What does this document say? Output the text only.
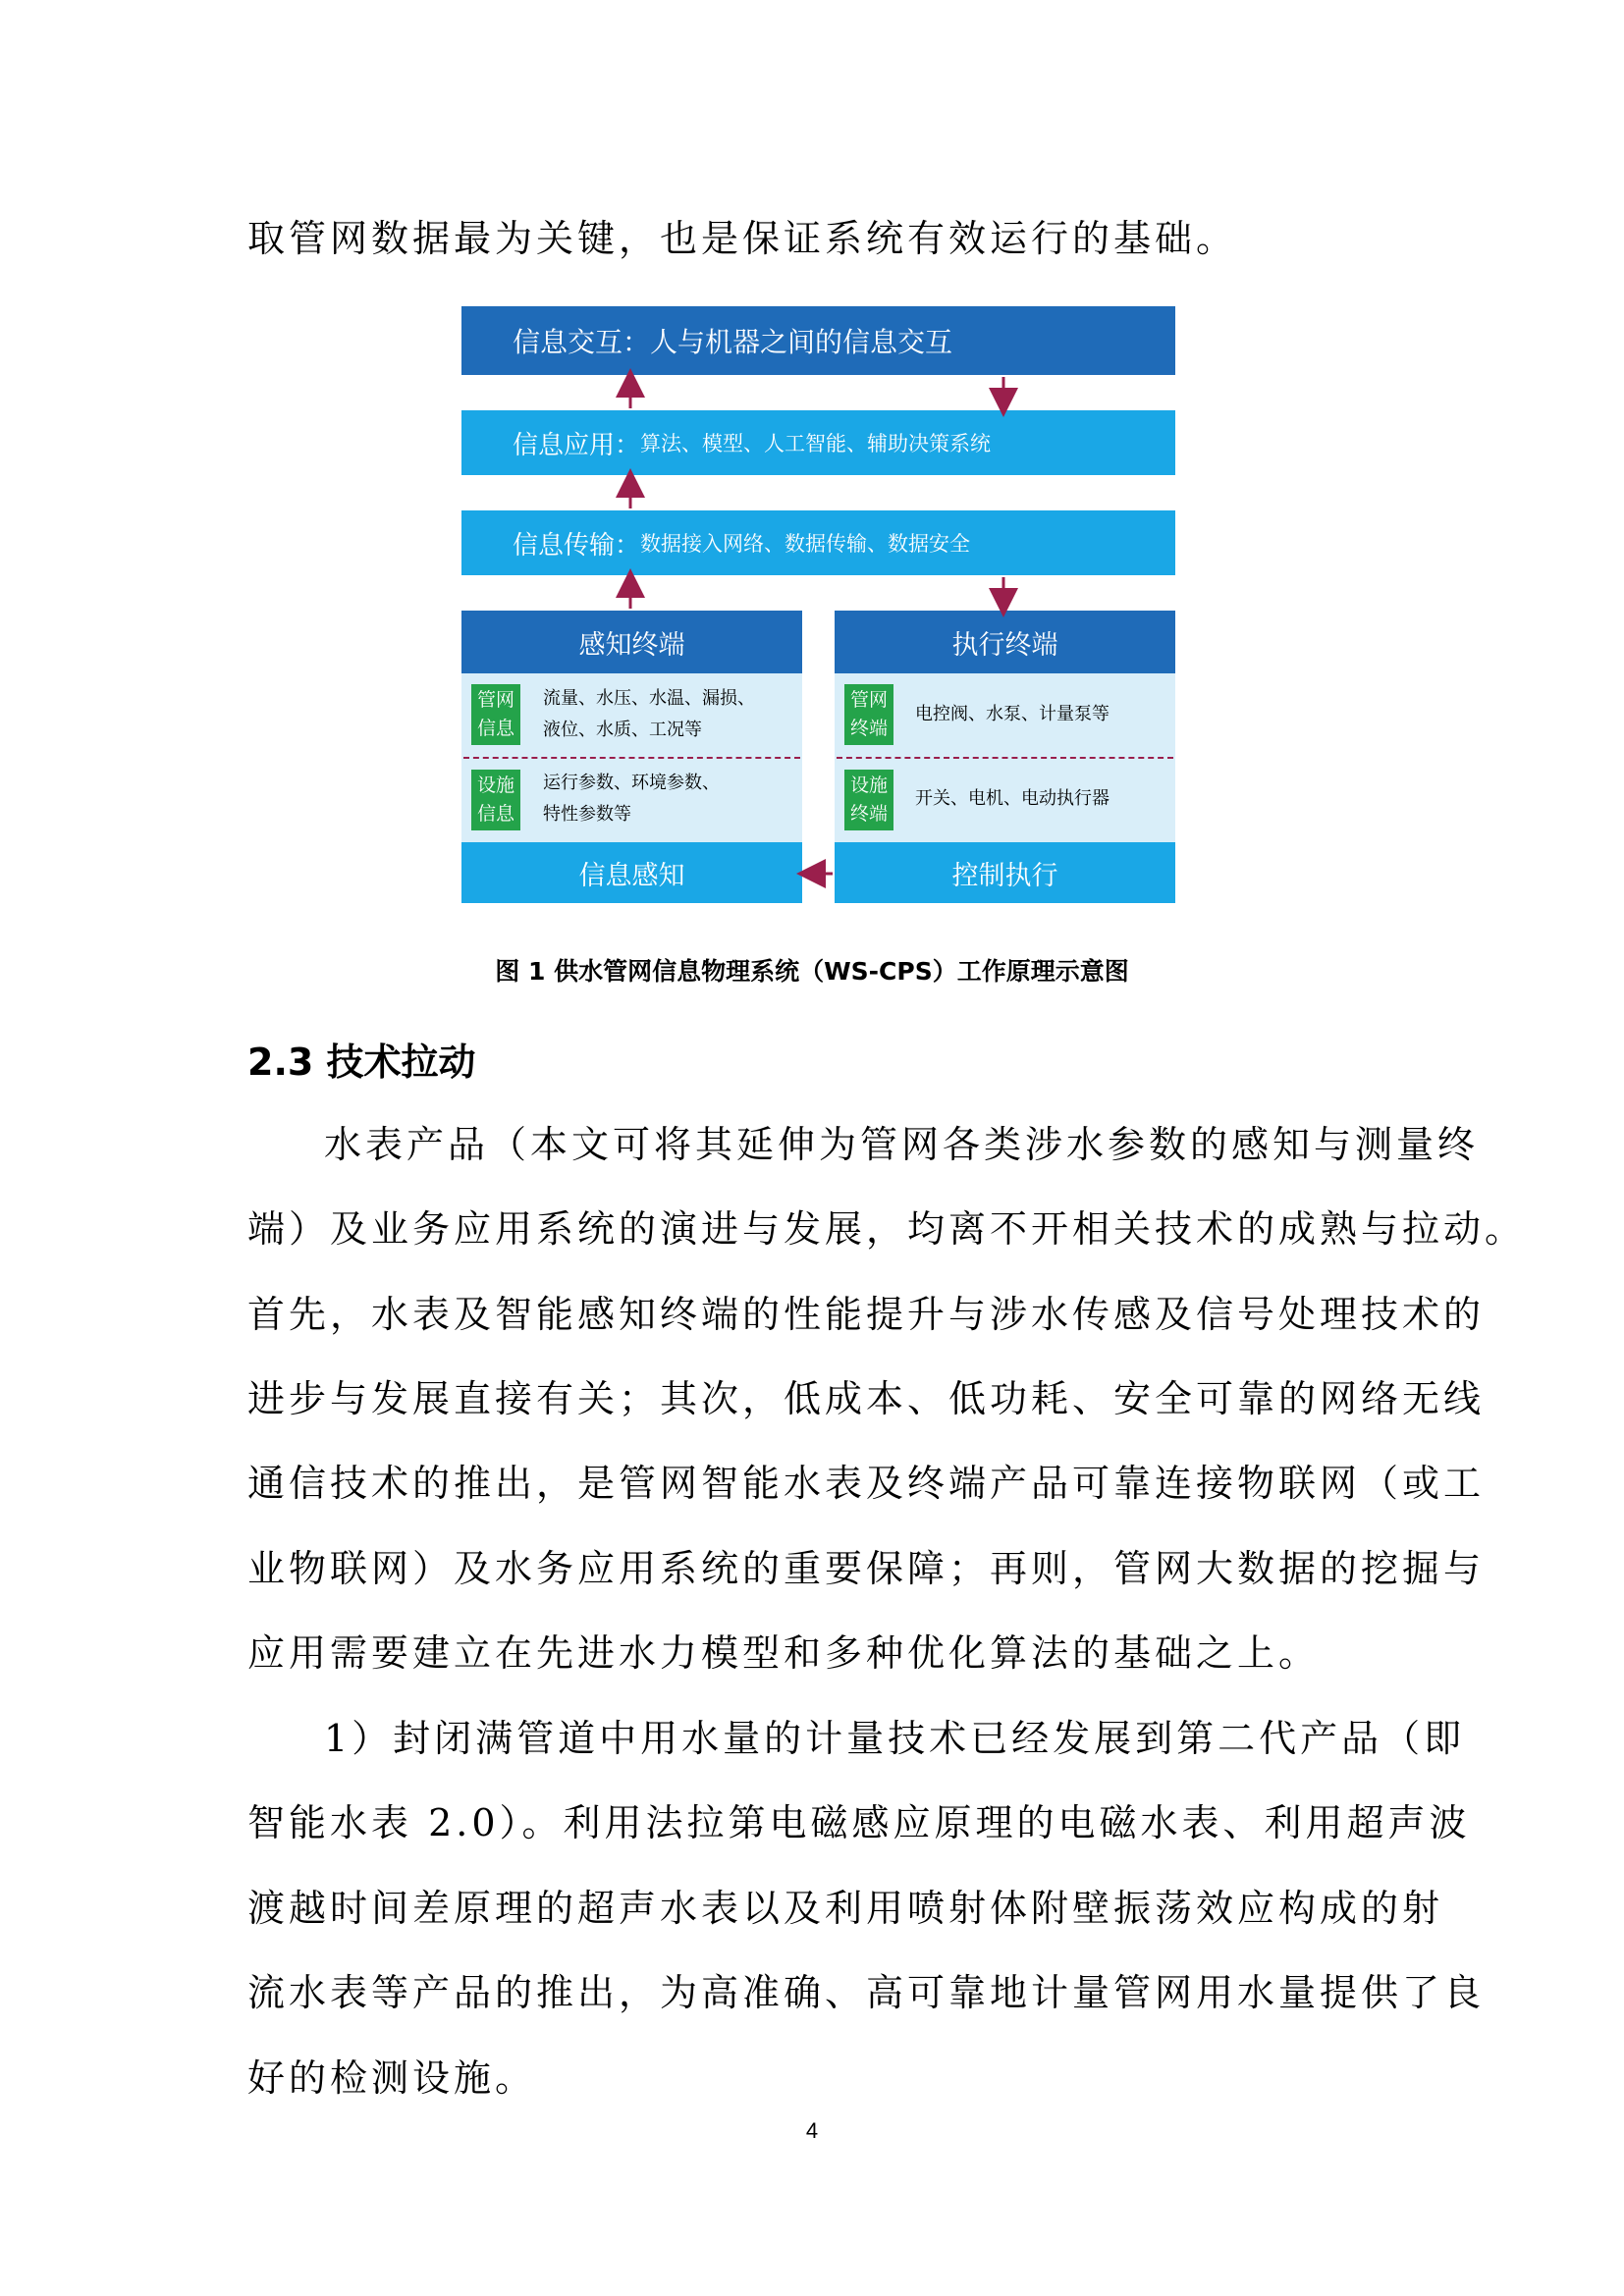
取管网数据最为关键，也是保证系统有效运行的基础。
信息交互：人与机器之间的信息交互
信息应用： 算法、模型、人工智能、辅助决策系统
信息传输： 数据接入网络、数据传输、数据安全
感知终端
管网
信息
流量、水压、水温、漏损、
液位、水质、工况等
设施
信息
运行参数、环境参数、
特性参数等
信息感知
执行终端
管网
终端
电控阀、水泵、计量泵等
设施
终端
开关、电机、电动执行器
控制执行
图 1 供水管网信息物理系统（WS-CPS）工作原理示意图
2.3 技术拉动
水表产品（本文可将其延伸为管网各类涉水参数的感知与测量终
端）及业务应用系统的演进与发展，均离不开相关技术的成熟与拉动。
首先，水表及智能感知终端的性能提升与涉水传感及信号处理技术的
进步与发展直接有关；其次，低成本、低功耗、安全可靠的网络无线
通信技术的推出，是管网智能水表及终端产品可靠连接物联网（或工
业物联网）及水务应用系统的重要保障；再则，管网大数据的挖掘与
应用需要建立在先进水力模型和多种优化算法的基础之上。
1）封闭满管道中用水量的计量技术已经发展到第二代产品（即
智能水表 2.0）。利用法拉第电磁感应原理的电磁水表、利用超声波
渡越时间差原理的超声水表以及利用喷射体附壁振荡效应构成的射
流水表等产品的推出，为高准确、高可靠地计量管网用水量提供了良
好的检测设施。
4
